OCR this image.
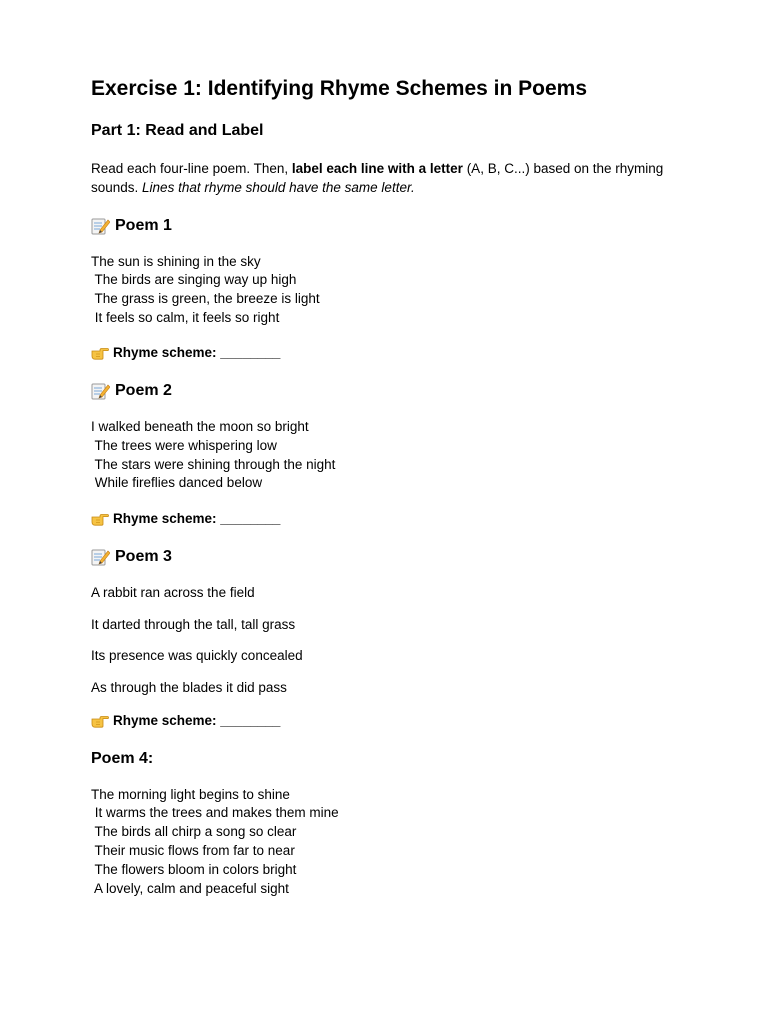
Exercise 1: Identifying Rhyme Schemes in Poems
Part 1: Read and Label
Read each four-line poem. Then, label each line with a letter (A, B, C...) based on the rhyming sounds. Lines that rhyme should have the same letter.
Poem 1
The sun is shining in the sky
The birds are singing way up high
The grass is green, the breeze is light
It feels so calm, it feels so right
Rhyme scheme: ________
Poem 2
I walked beneath the moon so bright
The trees were whispering low
The stars were shining through the night
While fireflies danced below
Rhyme scheme: ________
Poem 3
A rabbit ran across the field
It darted through the tall, tall grass
Its presence was quickly concealed
As through the blades it did pass
Rhyme scheme: ________
Poem 4:
The morning light begins to shine
It warms the trees and makes them mine
The birds all chirp a song so clear
Their music flows from far to near
The flowers bloom in colors bright
A lovely, calm and peaceful sight
